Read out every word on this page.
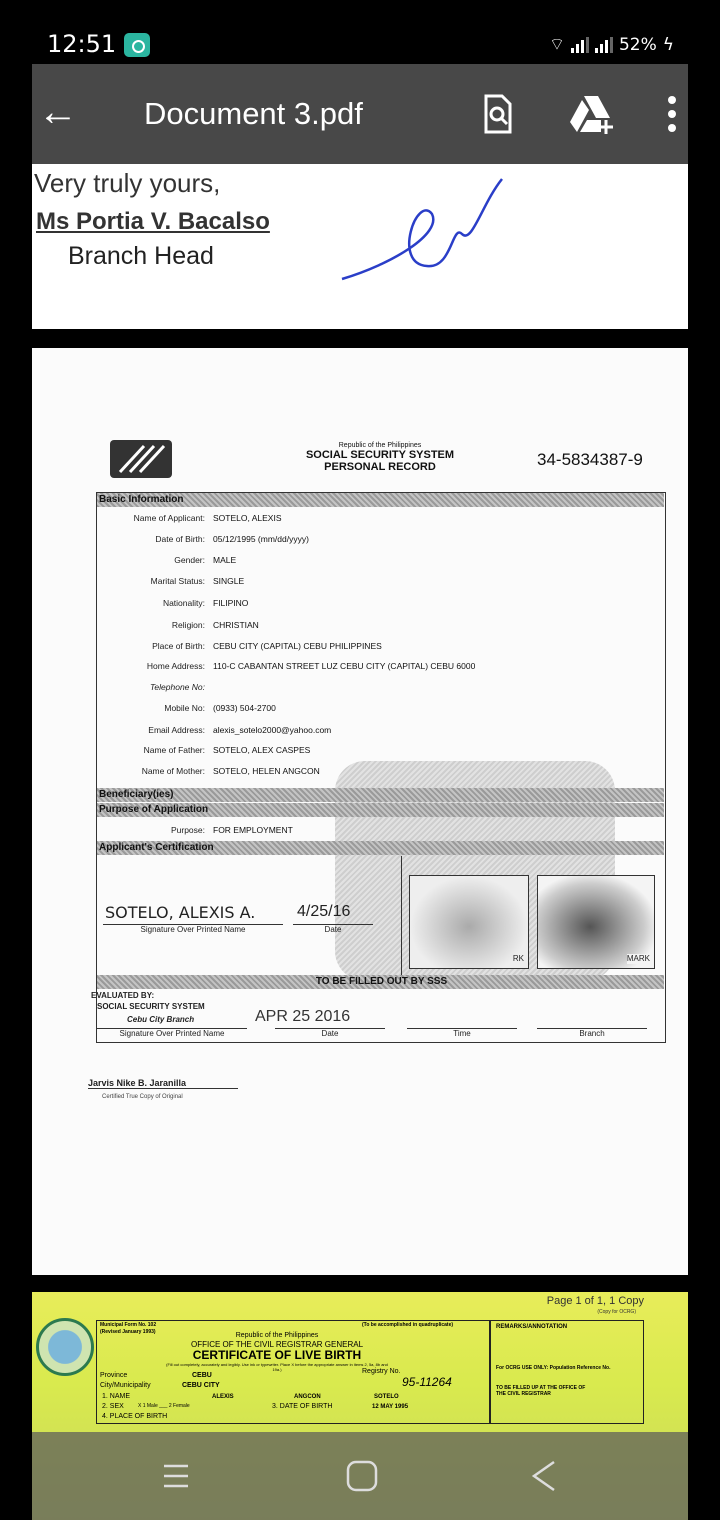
12:51	⌔	52% ϟ
Very truly yours,
Ms Portia V. Bacalso
Branch Head
Republic of the Philippines
SOCIAL SECURITY SYSTEM
PERSONAL RECORD	34-5834387-9
Basic Information
Name of Applicant: SOTELO, ALEXIS
Date of Birth: 05/12/1995 (mm/dd/yyyy)
Gender: MALE
Marital Status: SINGLE
Nationality: FILIPINO
Religion: CHRISTIAN
Place of Birth: CEBU CITY (CAPITAL) CEBU PHILIPPINES
Home Address: 110-C CABANTAN STREET LUZ CEBU CITY (CAPITAL) CEBU 6000
Telephone No:
Mobile No: (0933) 504-2700
Email Address: alexis_sotelo2000@yahoo.com
Name of Father: SOTELO, ALEX CASPES
Name of Mother: SOTELO, HELEN ANGCON
Beneficiary(ies)
Purpose of Application
Purpose: FOR EMPLOYMENT
Applicant's Certification
SOTELO, ALEXIS A.	4/25/16
Signature Over Printed Name	Date
RK	MARK
TO BE FILLED OUT BY SSS
EVALUATED BY:
SOCIAL SECURITY SYSTEM
Cebu City Branch
Signature Over Printed Name
APR 25 2016
Date	Time	Branch
Jarvis Nike B. Jaranilla
Certified True Copy of Original
Page 1 of 1, 1 Copy
(Copy for OCRG)
Municipal Form No. 102
(Revised January 1993)
(To be accomplished in quadruplicate)	REMARKS/ANNOTATION
Republic of the Philippines
OFFICE OF THE CIVIL REGISTRAR GENERAL
CERTIFICATE OF LIVE BIRTH
(Fill out completely, accurately and legibly. Use ink or typewriter. Place X before the appropriate answer in items 2, 5a, 8b and 19a.)
Province	CEBU
City/Municipality	CEBU CITY
Registry No.
95-11264
1. NAME	ALEXIS	ANGCON	SOTELO
2. SEX	X 1 Male ___ 2 Female	3. DATE OF BIRTH	12 MAY 1995
4. PLACE OF BIRTH
For OCRG USE ONLY: Population Reference No.
TO BE FILLED UP AT THE OFFICE OF THE CIVIL REGISTRAR
← Document 3.pdf
